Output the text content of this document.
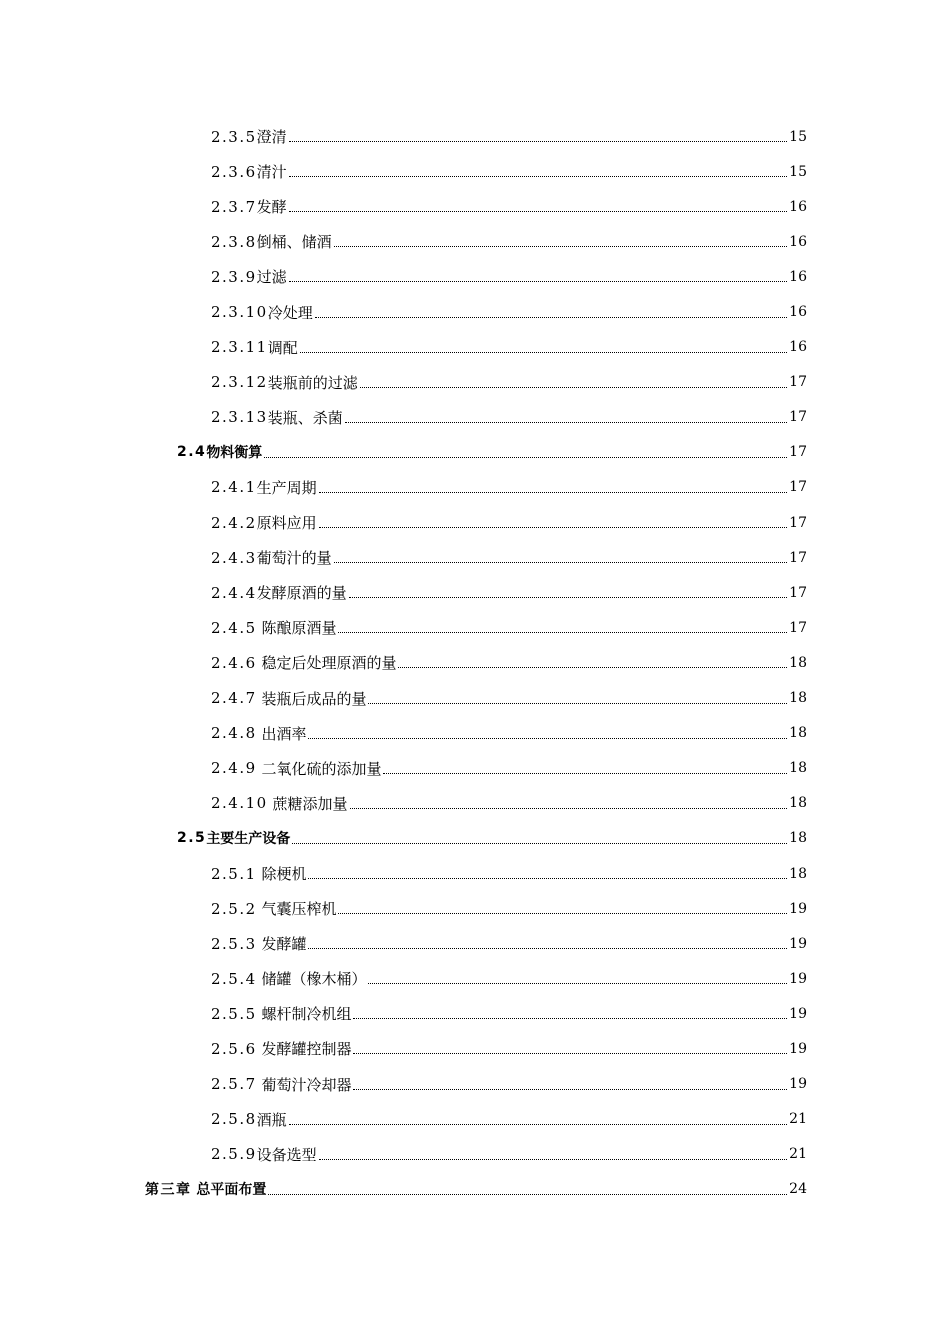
2.3.5 澄清	15
2.3.6 清汁	15
2.3.7 发酵	16
2.3.8 倒桶、储酒	16
2.3.9 过滤	16
2.3.10 冷处理	16
2.3.11 调配	16
2.3.12 装瓶前的过滤	17
2.3.13 装瓶、杀菌	17
2.4 物料衡算	17
2.4.1 生产周期	17
2.4.2 原料应用	17
2.4.3 葡萄汁的量	17
2.4.4 发酵原酒的量	17
2.4.5 陈酿原酒量	17
2.4.6 稳定后处理原酒的量	18
2.4.7 装瓶后成品的量	18
2.4.8 出酒率	18
2.4.9 二氧化硫的添加量	18
2.4.10 蔗糖添加量	18
2.5 主要生产设备	18
2.5.1 除梗机	18
2.5.2 气囊压榨机	19
2.5.3 发酵罐	19
2.5.4 储罐（橡木桶）	19
2.5.5 螺杆制冷机组	19
2.5.6 发酵罐控制器	19
2.5.7 葡萄汁冷却器	19
2.5.8 酒瓶	21
2.5.9 设备选型	21
第三章 总平面布置	24
